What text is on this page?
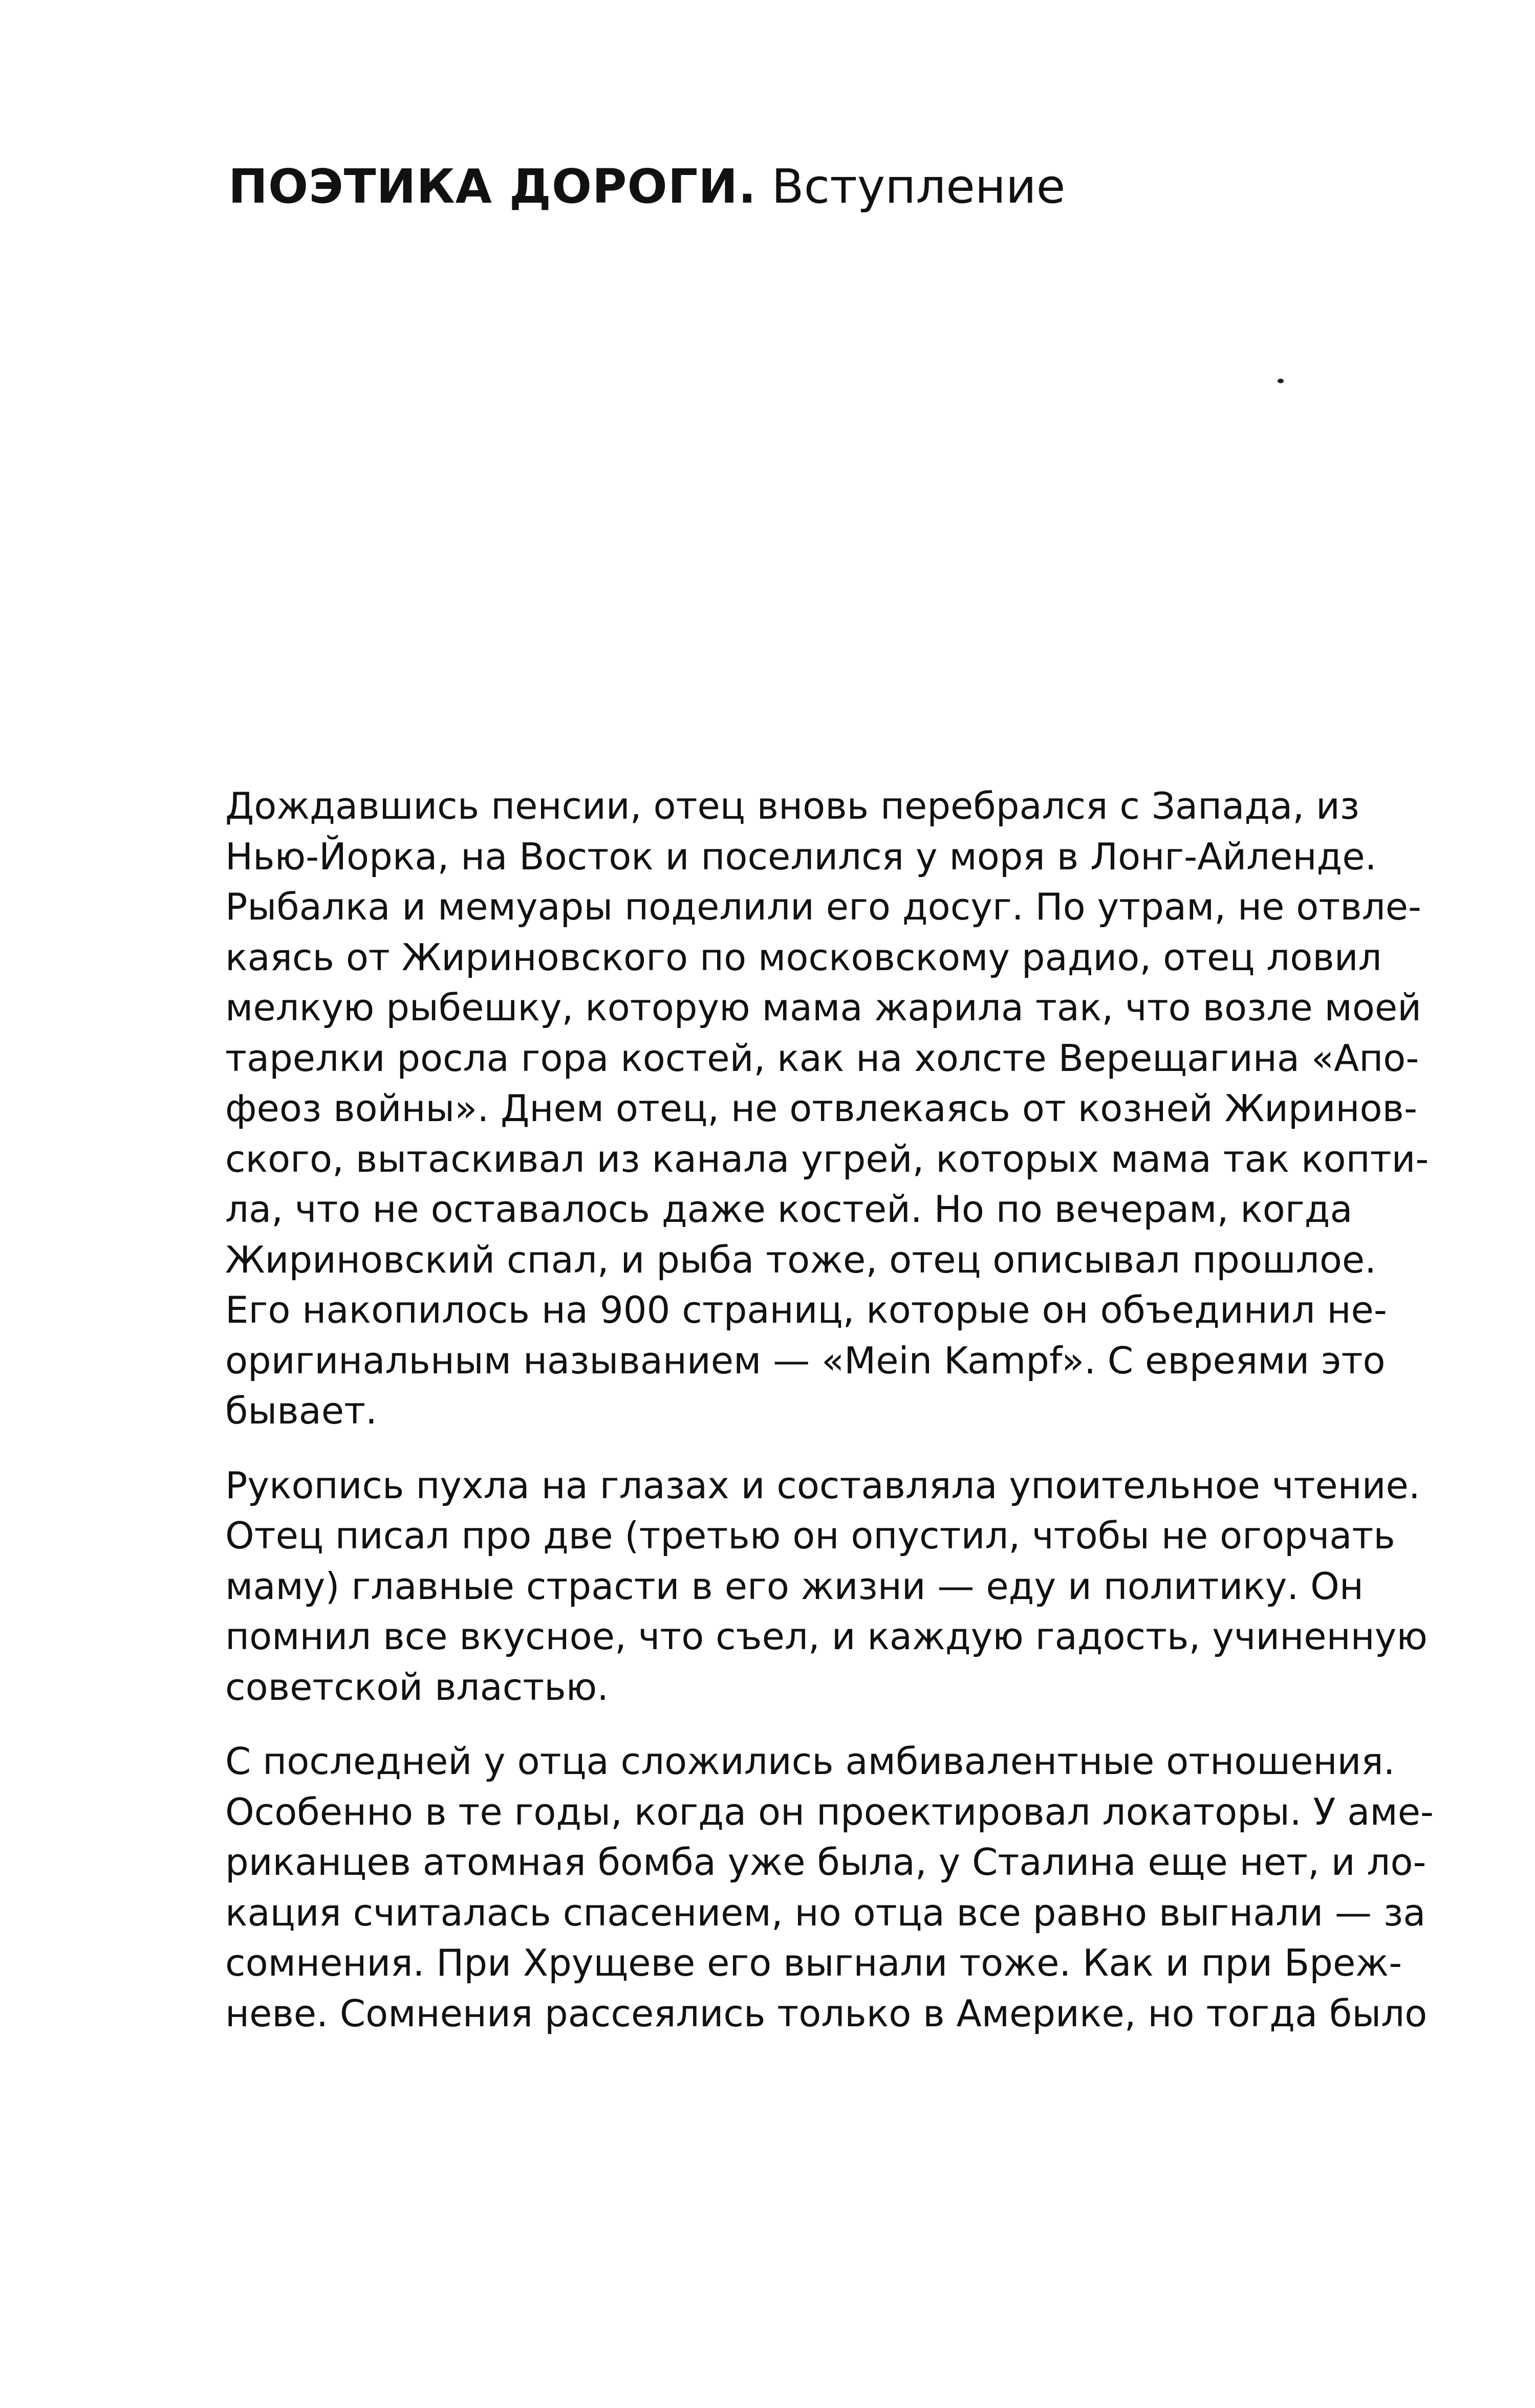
ПОЭТИКА ДОРОГИ. Вступление
Дождавшись пенсии, отец вновь перебрался с Запада, из
Нью-Йорка, на Восток и поселился у моря в Лонг-Айленде.
Рыбалка и мемуары поделили его досуг. По утрам, не отвле-
каясь от Жириновского по московскому радио, отец ловил
мелкую рыбешку, которую мама жарила так, что возле моей
тарелки росла гора костей, как на холсте Верещагина «Апо-
феоз войны». Днем отец, не отвлекаясь от козней Жиринов-
ского, вытаскивал из канала угрей, которых мама так копти-
ла, что не оставалось даже костей. Но по вечерам, когда
Жириновский спал, и рыба тоже, отец описывал прошлое.
Его накопилось на 900 страниц, которые он объединил не-
оригинальным называнием — «Mein Kampf». С евреями это
бывает.
Рукопись пухла на глазах и составляла упоительное чтение.
Отец писал про две (третью он опустил, чтобы не огорчать
маму) главные страсти в его жизни — еду и политику. Он
помнил все вкусное, что съел, и каждую гадость, учиненную
советской властью.
С последней у отца сложились амбивалентные отношения.
Особенно в те годы, когда он проектировал локаторы. У аме-
риканцев атомная бомба уже была, у Сталина еще нет, и ло-
кация считалась спасением, но отца все равно выгнали — за
сомнения. При Хрущеве его выгнали тоже. Как и при Бреж-
неве. Сомнения рассеялись только в Америке, но тогда было
